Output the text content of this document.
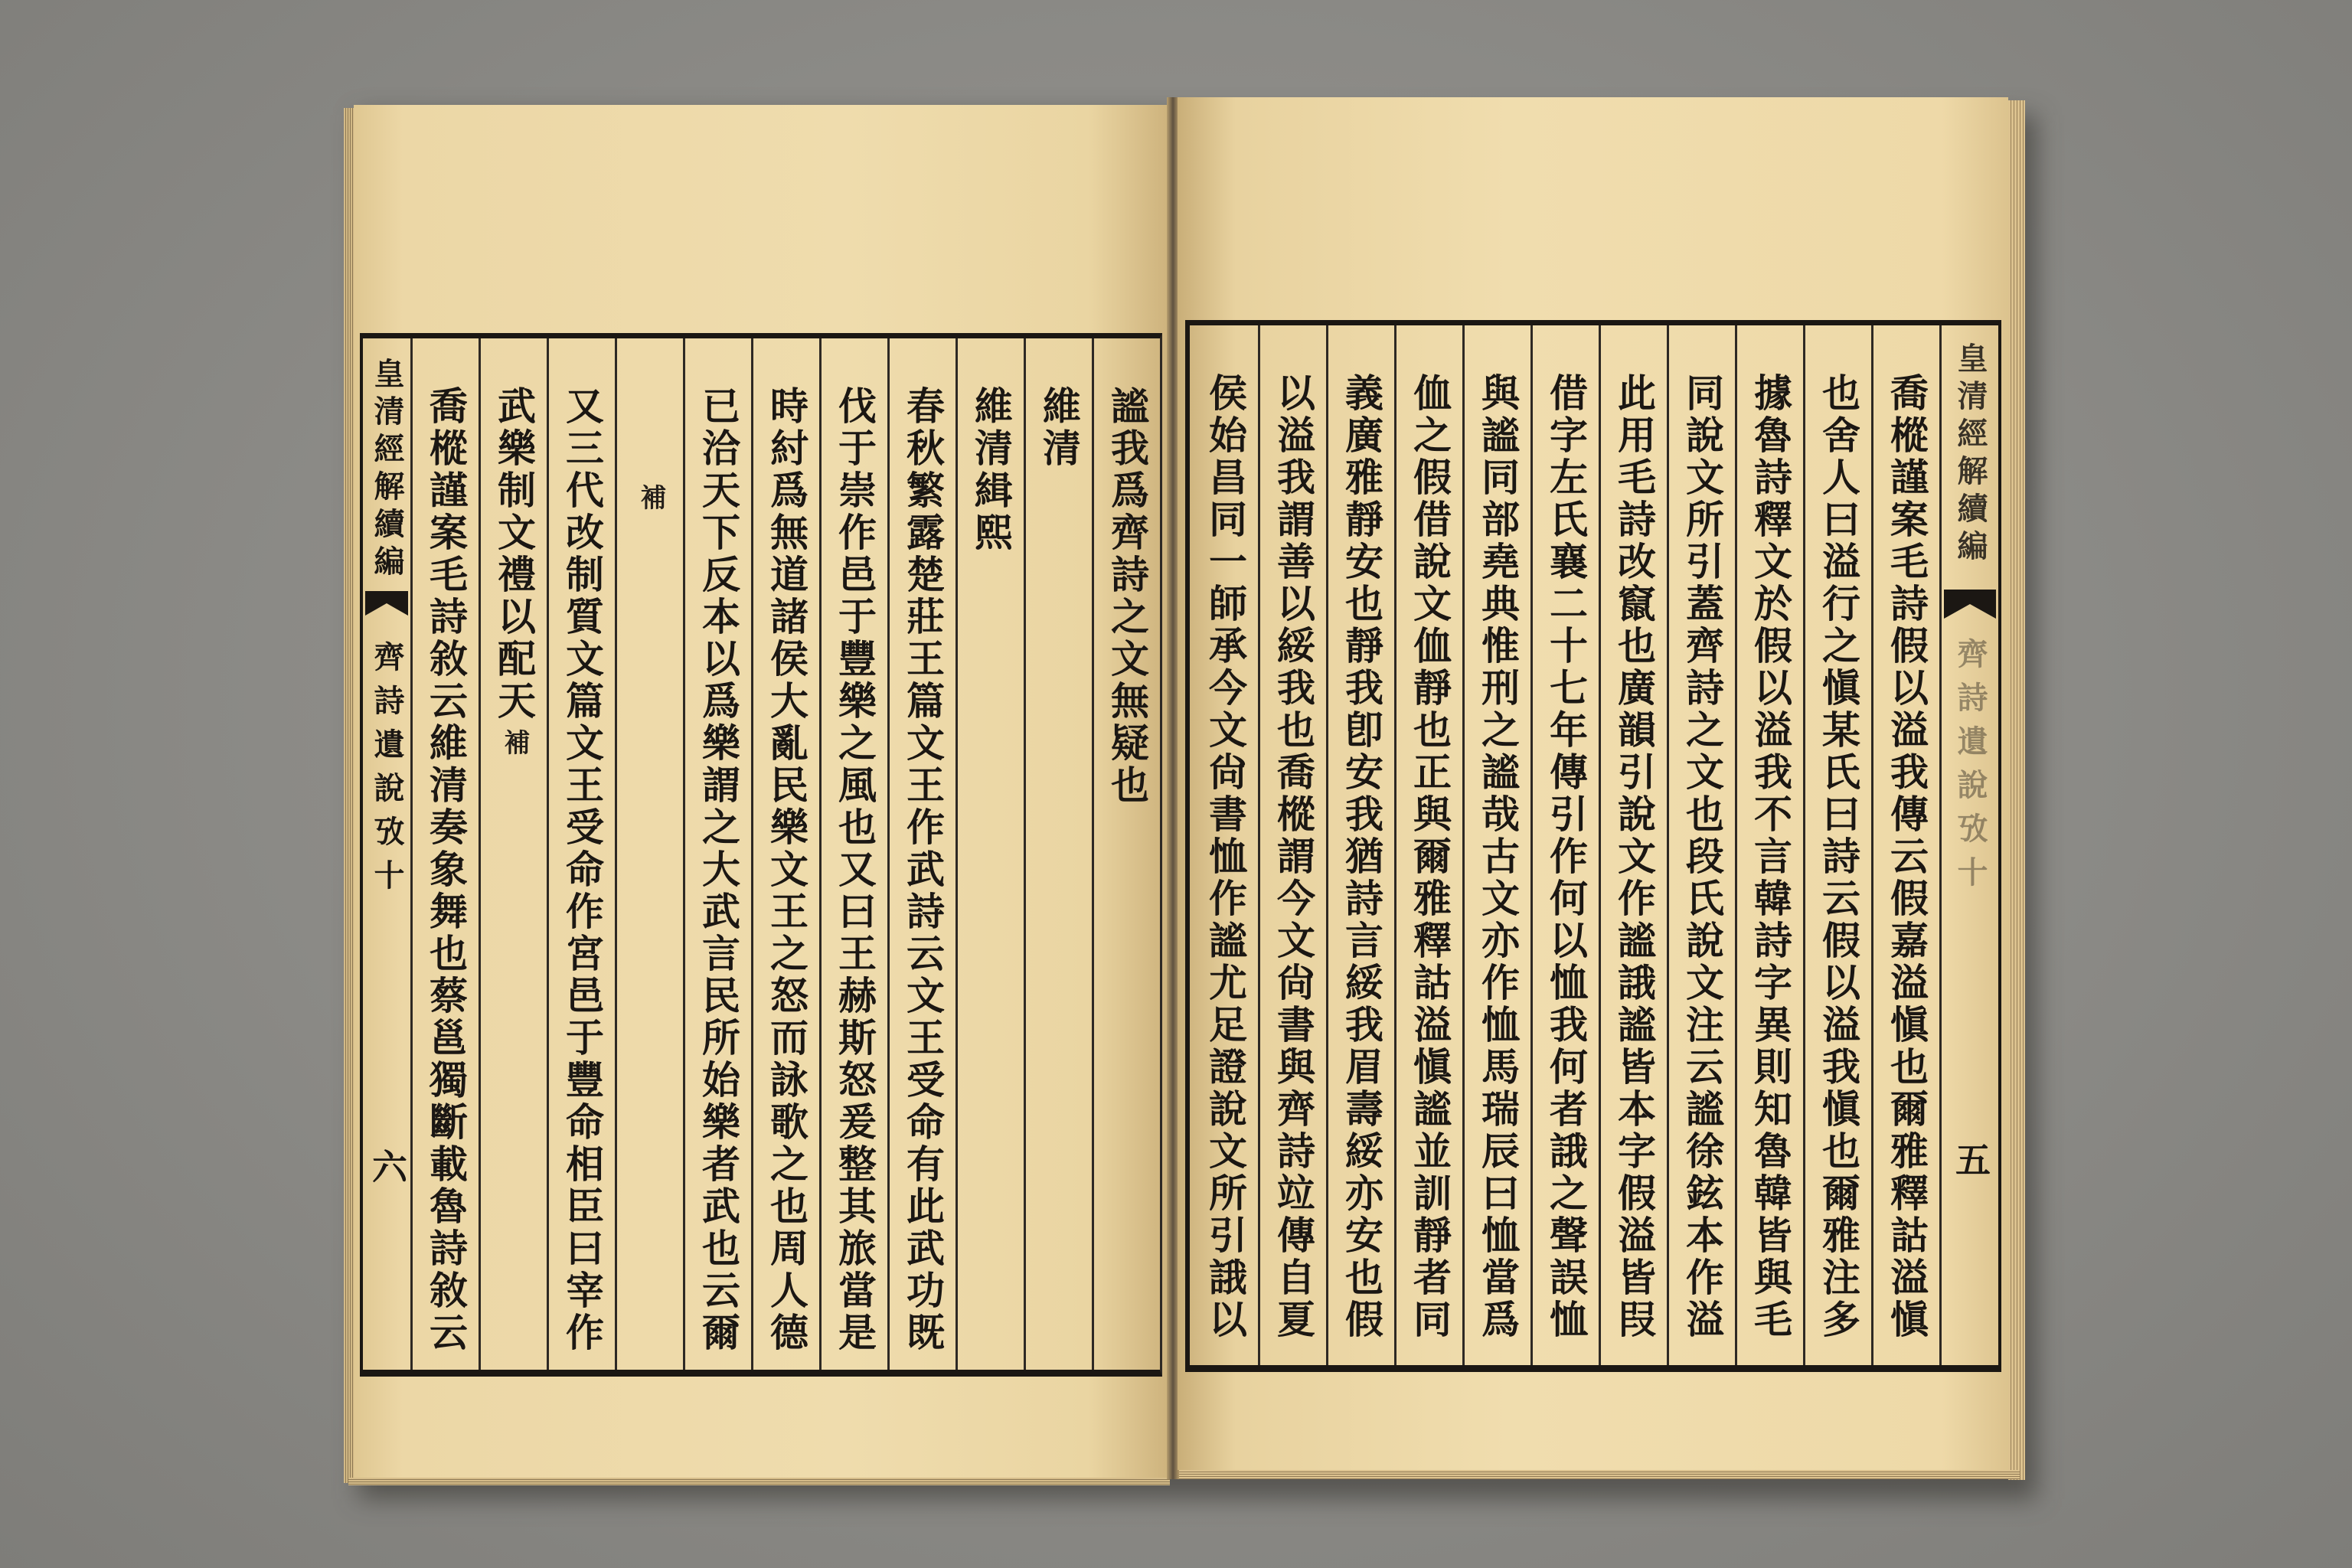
皇清經解續編
齊詩遺說攷十
六
謐我爲齊詩之文無疑也
維清
維清緝熙
春秋繁露楚莊王篇文王作武詩云文王受命有此武功既
伐于崇作邑于豐樂之風也又曰王赫斯怒爰整其旅當是
時紂爲無道諸侯大亂民樂文王之怒而詠歌之也周人德
已洽天下反本以爲樂謂之大武言民所始樂者武也云爾
補
又三代改制質文篇文王受命作宮邑于豐命相臣曰宰作
武樂制文禮以配天補
喬樅謹案毛詩敘云維清奏象舞也蔡邕獨斷載魯詩敘云	喬樅謹案毛詩假以溢我傳云假嘉溢愼也爾雅釋詁溢愼
也舍人曰溢行之愼某氏曰詩云假以溢我愼也爾雅注多
據魯詩釋文於假以溢我不言韓詩字異則知魯韓皆與毛
同說文所引蓋齊詩之文也段氏說文注云謐徐鉉本作溢
此用毛詩改竄也廣韻引說文作謐誐謐皆本字假溢皆叚
借字左氏襄二十七年傳引作何以恤我何者誐之聲誤恤
與謐同部堯典惟刑之謐哉古文亦作恤馬瑞辰曰恤當爲
侐之假借說文侐靜也正與爾雅釋詁溢愼謐並訓靜者同
義廣雅靜安也靜我卽安我猶詩言綏我眉壽綏亦安也假
以溢我謂善以綏我也喬樅謂今文尙書與齊詩竝傳自夏
侯始昌同一師承今文尙書恤作謐尤足證說文所引誐以	皇清經解續編
齊詩遺說攷十
五
